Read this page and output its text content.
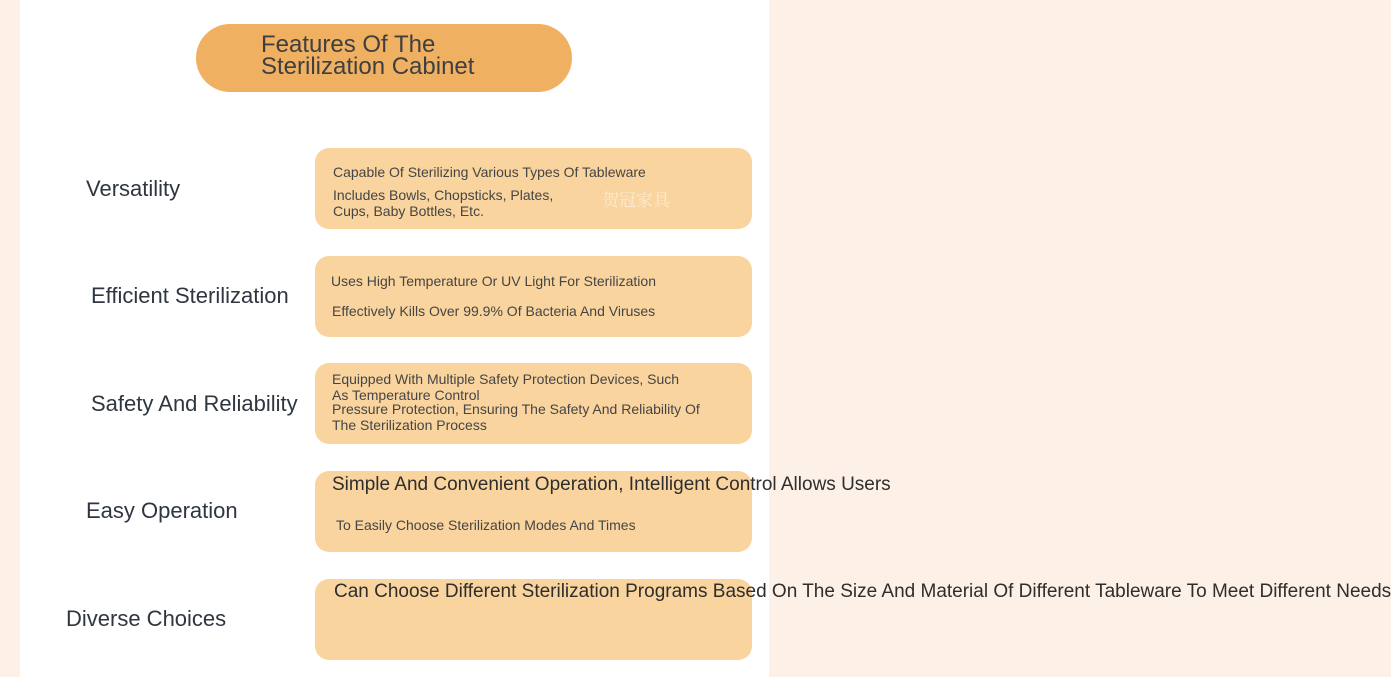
Features Of The
Sterilization Cabinet
Versatility
Capable Of Sterilizing Various Types Of Tableware
Includes Bowls, Chopsticks, Plates,
Cups, Baby Bottles, Etc.	贺冠家具
Efficient Sterilization
Uses High Temperature Or UV Light For Sterilization
Effectively Kills Over 99.9% Of Bacteria And Viruses
Safety And Reliability
Equipped With Multiple Safety Protection Devices, Such
As Temperature Control
Pressure Protection, Ensuring The Safety And Reliability Of
The Sterilization Process
Easy Operation
Simple And Convenient Operation, Intelligent Control Allows Users
To Easily Choose Sterilization Modes And Times
Diverse Choices
Can Choose Different Sterilization Programs Based On The Size And Material Of Different Tableware To Meet Different Needs
